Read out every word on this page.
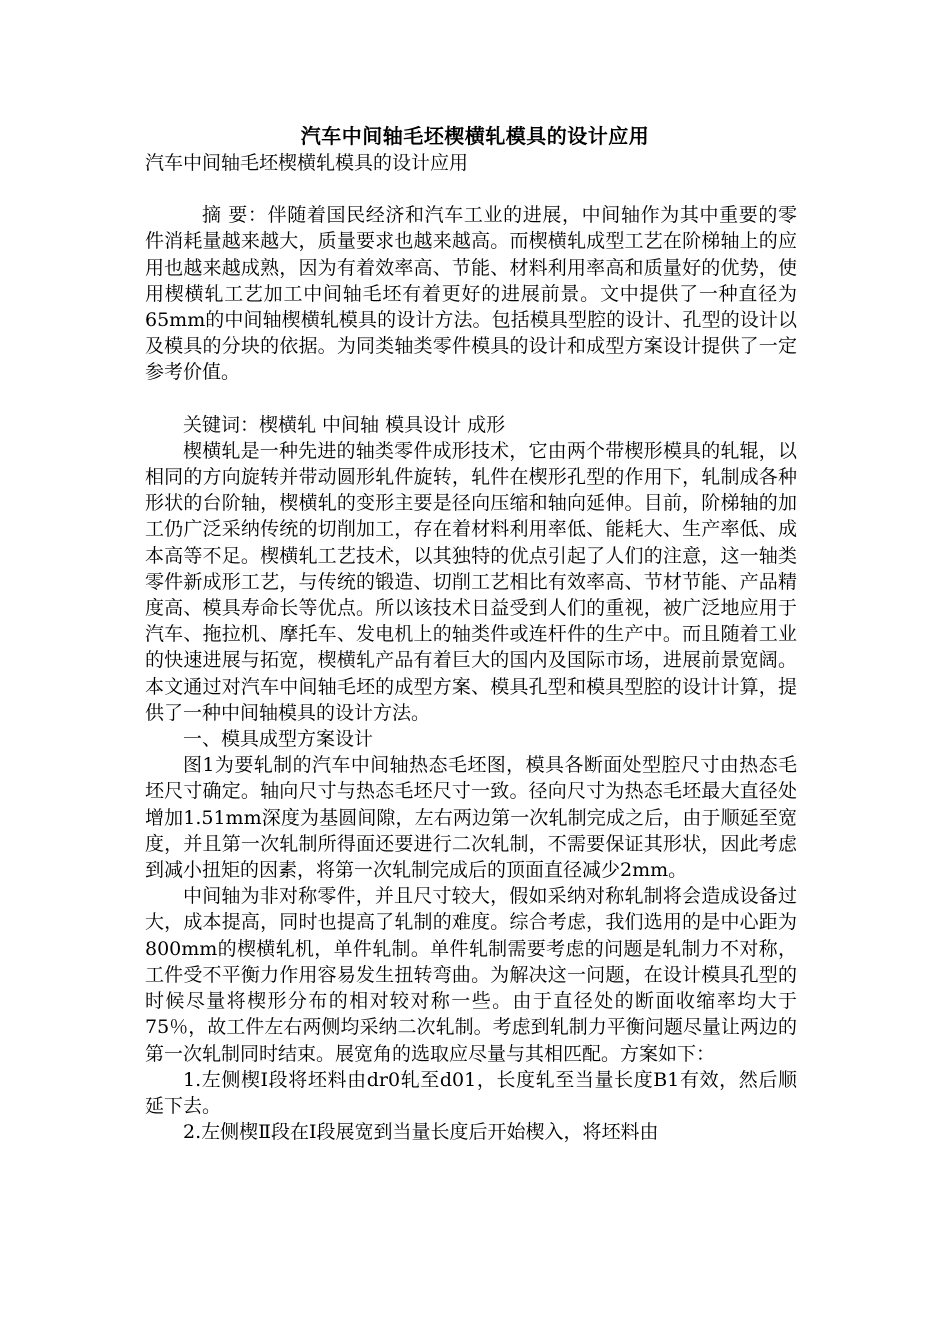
汽车中间轴毛坯楔横轧模具的设计应用

汽车中间轴毛坯楔横轧模具的设计应用

摘 要：伴随着国民经济和汽车工业的进展，中间轴作为其中重要的零件消耗量越来越大，质量要求也越来越高。而楔横轧成型工艺在阶梯轴上的应用也越来越成熟，因为有着效率高、节能、材料利用率高和质量好的优势，使用楔横轧工艺加工中间轴毛坯有着更好的进展前景。文中提供了一种直径为65mm的中间轴楔横轧模具的设计方法。包括模具型腔的设计、孔型的设计以及模具的分块的依据。为同类轴类零件模具的设计和成型方案设计提供了一定参考价值。

关键词：楔横轧 中间轴 模具设计 成形

楔横轧是一种先进的轴类零件成形技术，它由两个带楔形模具的轧辊，以相同的方向旋转并带动圆形轧件旋转，轧件在楔形孔型的作用下，轧制成各种形状的台阶轴，楔横轧的变形主要是径向压缩和轴向延伸。目前，阶梯轴的加工仍广泛采纳传统的切削加工，存在着材料利用率低、能耗大、生产率低、成本高等不足。楔横轧工艺技术，以其独特的优点引起了人们的注意，这一轴类零件新成形工艺，与传统的锻造、切削工艺相比有效率高、节材节能、产品精度高、模具寿命长等优点。所以该技术日益受到人们的重视，被广泛地应用于汽车、拖拉机、摩托车、发电机上的轴类件或连杆件的生产中。而且随着工业的快速进展与拓宽，楔横轧产品有着巨大的国内及国际市场，进展前景宽阔。本文通过对汽车中间轴毛坯的成型方案、模具孔型和模具型腔的设计计算，提供了一种中间轴模具的设计方法。

一、模具成型方案设计

图1为要轧制的汽车中间轴热态毛坯图，模具各断面处型腔尺寸由热态毛坯尺寸确定。轴向尺寸与热态毛坯尺寸一致。径向尺寸为热态毛坯最大直径处增加1.51mm深度为基圆间隙，左右两边第一次轧制完成之后，由于顺延至宽度，并且第一次轧制所得面还要进行二次轧制，不需要保证其形状，因此考虑到减小扭矩的因素，将第一次轧制完成后的顶面直径减少2mm。

中间轴为非对称零件，并且尺寸较大，假如采纳对称轧制将会造成设备过大，成本提高，同时也提高了轧制的难度。综合考虑，我们选用的是中心距为800mm的楔横轧机，单件轧制。单件轧制需要考虑的问题是轧制力不对称，工件受不平衡力作用容易发生扭转弯曲。为解决这一问题，在设计模具孔型的时候尽量将楔形分布的相对较对称一些。由于直径处的断面收缩率均大于75％，故工件左右两侧均采纳二次轧制。考虑到轧制力平衡问题尽量让两边的第一次轧制同时结束。展宽角的选取应尽量与其相匹配。方案如下：

1.左侧楔Ⅰ段将坯料由dr0轧至d01，长度轧至当量长度B1有效，然后顺延下去。

2.左侧楔Ⅱ段在Ⅰ段展宽到当量长度后开始楔入，将坯料由
